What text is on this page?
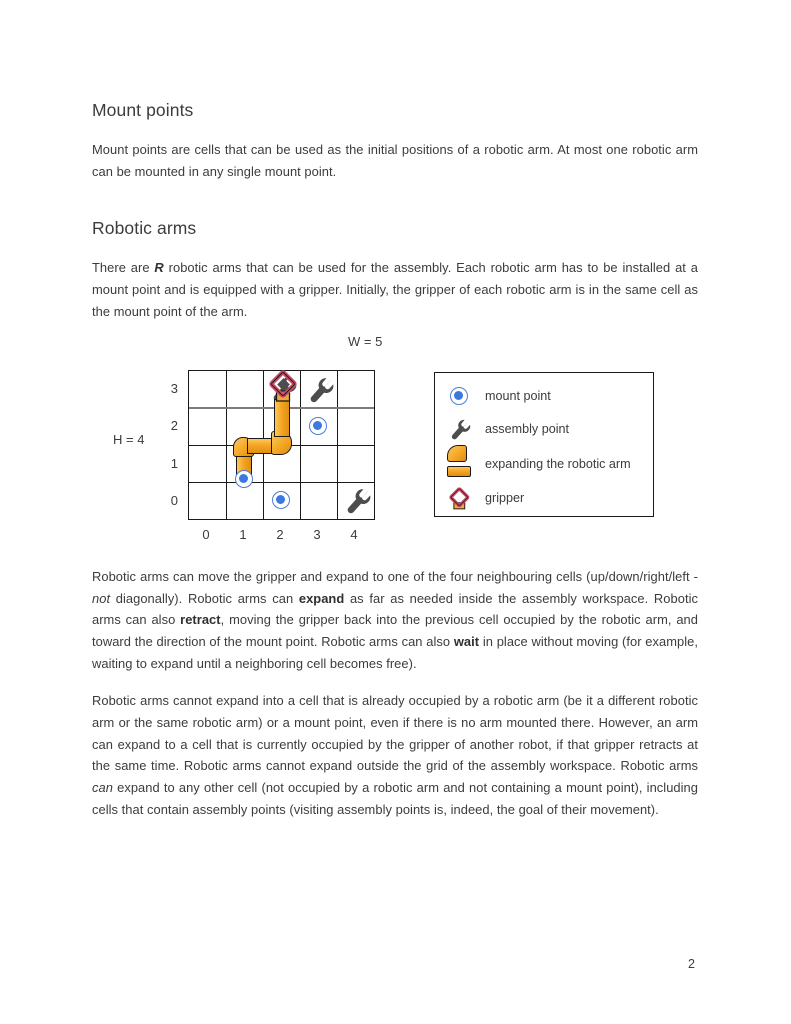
Mount points

Mount points are cells that can be used as the initial positions of a robotic arm. At most one robotic arm can be mounted in any single mount point.

Robotic arms

There are R robotic arms that can be used for the assembly. Each robotic arm has to be installed at a mount point and is equipped with a gripper. Initially, the gripper of each robotic arm is in the same cell as the mount point of the arm.

W = 5
H = 4
3
2
1
0
0	1	2	3	4
mount point
assembly point
expanding the robotic arm
gripper

Robotic arms can move the gripper and expand to one of the four neighbouring cells (up/down/right/left - not diagonally). Robotic arms can expand as far as needed inside the assembly workspace. Robotic arms can also retract, moving the gripper back into the previous cell occupied by the robotic arm, and toward the direction of the mount point. Robotic arms can also wait in place without moving (for example, waiting to expand until a neighboring cell becomes free).

Robotic arms cannot expand into a cell that is already occupied by a robotic arm (be it a different robotic arm or the same robotic arm) or a mount point, even if there is no arm mounted there. However, an arm can expand to a cell that is currently occupied by the gripper of another robot, if that gripper retracts at the same time. Robotic arms cannot expand outside the grid of the assembly workspace. Robotic arms can expand to any other cell (not occupied by a robotic arm and not containing a mount point), including cells that contain assembly points (visiting assembly points is, indeed, the goal of their movement).

2
